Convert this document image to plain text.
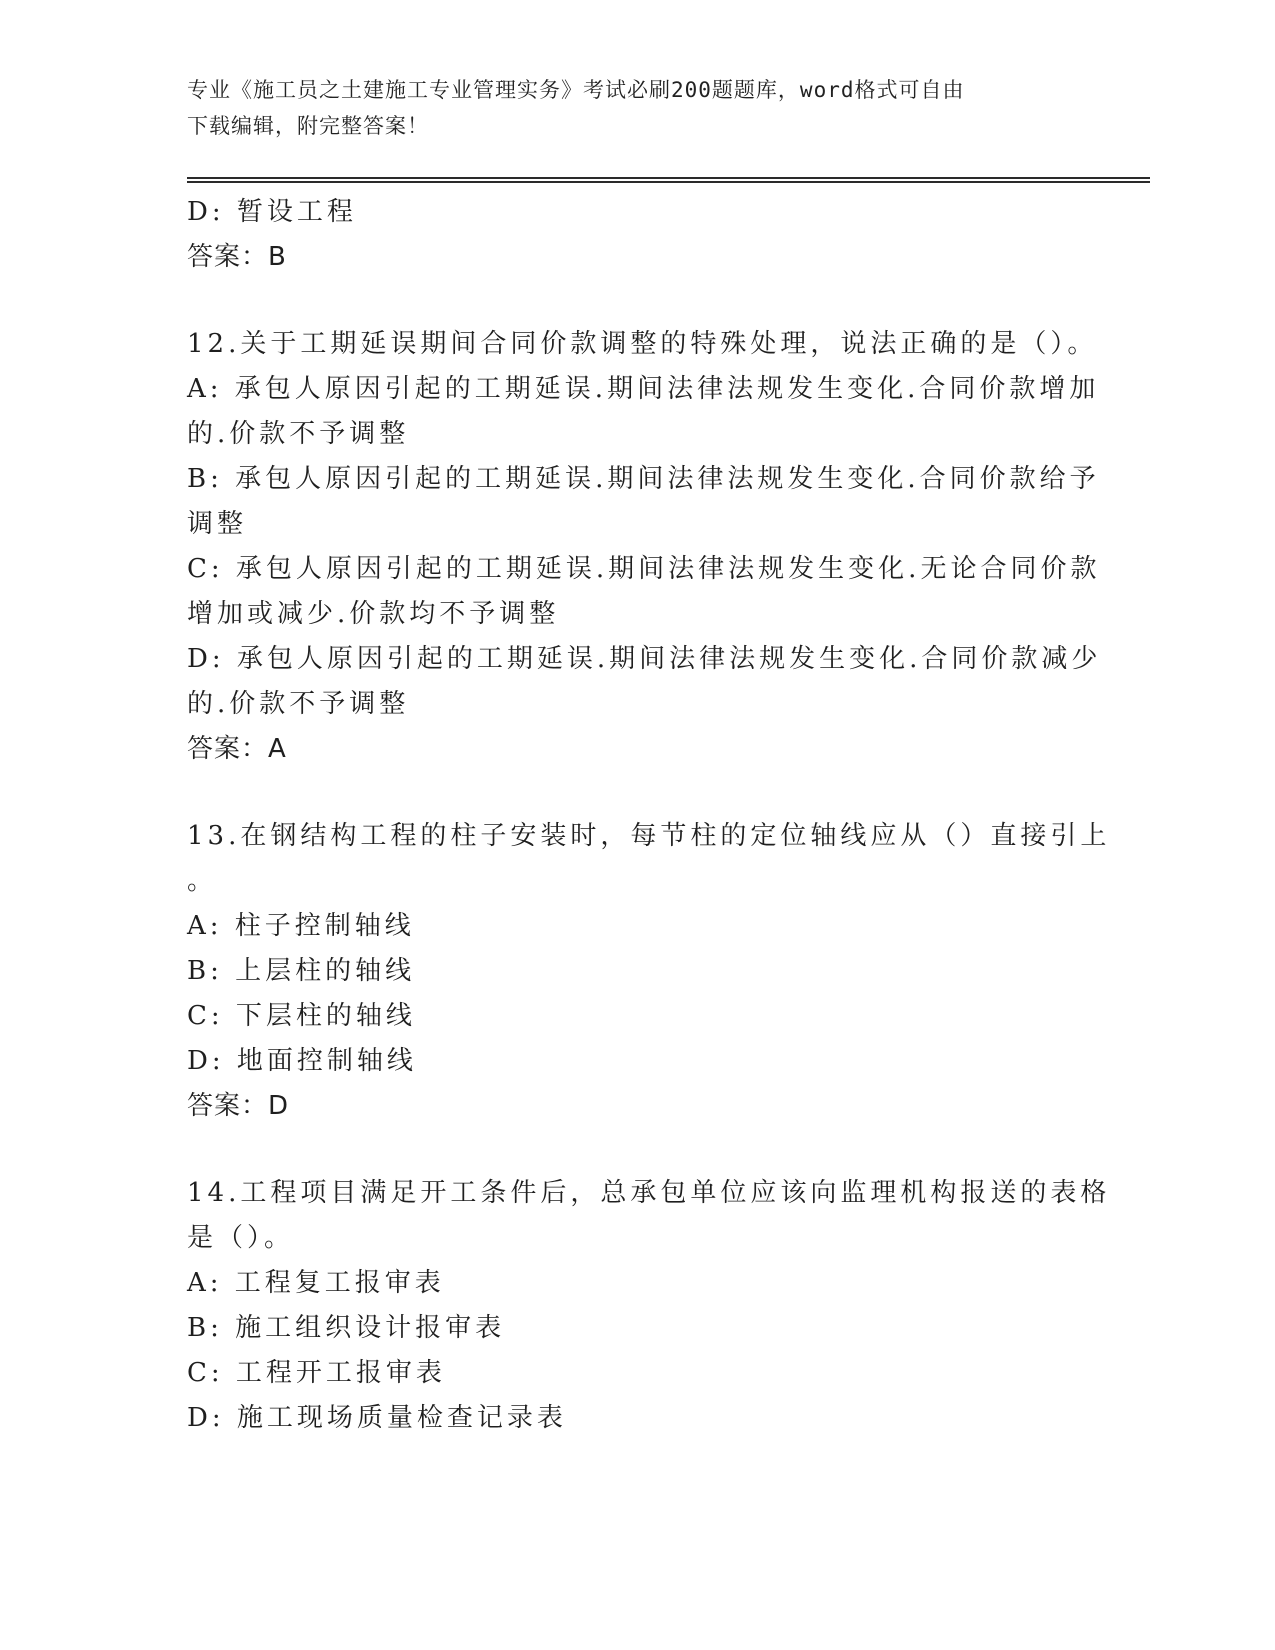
专业《施工员之土建施工专业管理实务》考试必刷200题题库，word格式可自由
下载编辑，附完整答案！
D: 暂设工程
答案：B
12.关于工期延误期间合同价款调整的特殊处理，说法正确的是（）。
A: 承包人原因引起的工期延误.期间法律法规发生变化.合同价款增加
的.价款不予调整
B: 承包人原因引起的工期延误.期间法律法规发生变化.合同价款给予
调整
C: 承包人原因引起的工期延误.期间法律法规发生变化.无论合同价款
增加或减少.价款均不予调整
D: 承包人原因引起的工期延误.期间法律法规发生变化.合同价款减少
的.价款不予调整
答案：A
13.在钢结构工程的柱子安装时，每节柱的定位轴线应从（）直接引上
。
A: 柱子控制轴线
B: 上层柱的轴线
C: 下层柱的轴线
D: 地面控制轴线
答案：D
14.工程项目满足开工条件后，总承包单位应该向监理机构报送的表格
是（）。
A: 工程复工报审表
B: 施工组织设计报审表
C: 工程开工报审表
D: 施工现场质量检查记录表
